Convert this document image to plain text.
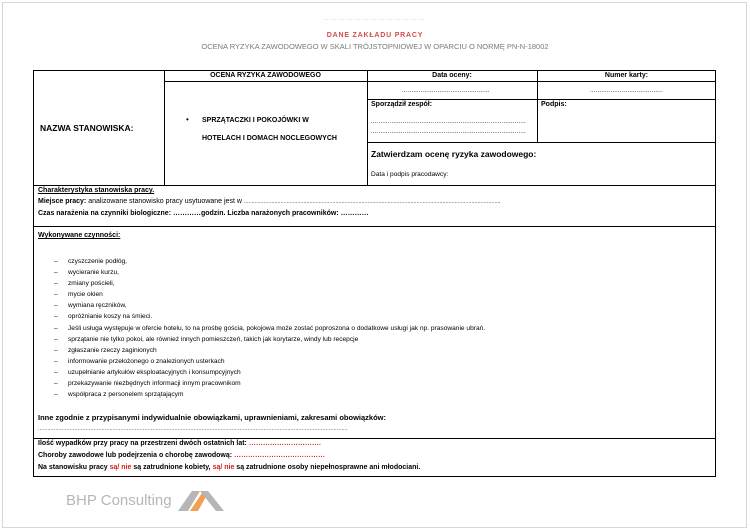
......................................
DANE ZAKŁADU PRACY
OCENA RYZYKA ZAWODOWEGO W SKALI TRÓJSTOPNIOWEJ W OPARCIU O NORMĘ PN-N-18002
NAZWA STANOWISKA:
OCENA RYZYKA ZAWODOWEGO
• SPRZĄTACZKI I POKOJÓWKI W
HOTELACH I DOMACH NOCLEGOWYCH
Data oceny:	Numer karty:
...............................................	.......................................
Sporządził zespół:	Podpis:
...................................................................................
...................................................................................
Zatwierdzam ocenę ryzyka zawodowego:
Data i podpis pracodawcy:
Charakterystyka stanowiska pracy.
Miejsce pracy: analizowane stanowisko pracy usytuowane jest w ........................................................................................................................................................................
Czas narażenia na czynniki biologiczne: …………godzin. Liczba narażonych pracowników: …………
Wykonywane czynności:
– czyszczenie podłóg,
– wycieranie kurzu,
– zmiany pościeli,
– mycie okien
– wymiana ręczników,
– opróżnianie koszy na śmieci.
– Jeśli usługa występuje w ofercie hotelu, to na prośbę gościa, pokojowa może zostać poproszona o dodatkowe usługi jak np. prasowanie ubrań.
– sprzątanie nie tylko pokoi, ale również innych pomieszczeń, takich jak korytarze, windy lub recepcje
– zgłaszanie rzeczy zaginionych
– informowanie przełożonego o znalezionych usterkach
– uzupełnianie artykułów eksploatacyjnych i konsumpcyjnych
– przekazywanie niezbędnych informacji innym pracownikom
– współpraca z personelem sprzątającym
Inne zgodnie z przypisanymi indywidualnie obowiązkami, uprawnieniami, zakresami obowiązków:
...................................................................................................................................................................................................
Ilość wypadków przy pracy na przestrzeni dwóch ostatnich lat: ………………………….
Choroby zawodowe lub podejrzenia o chorobę zawodową: …………………………………
Na stanowisku pracy są/ nie są zatrudnione kobiety, są/ nie są zatrudnione osoby niepełnosprawne ani młodociani.
BHP Consulting
